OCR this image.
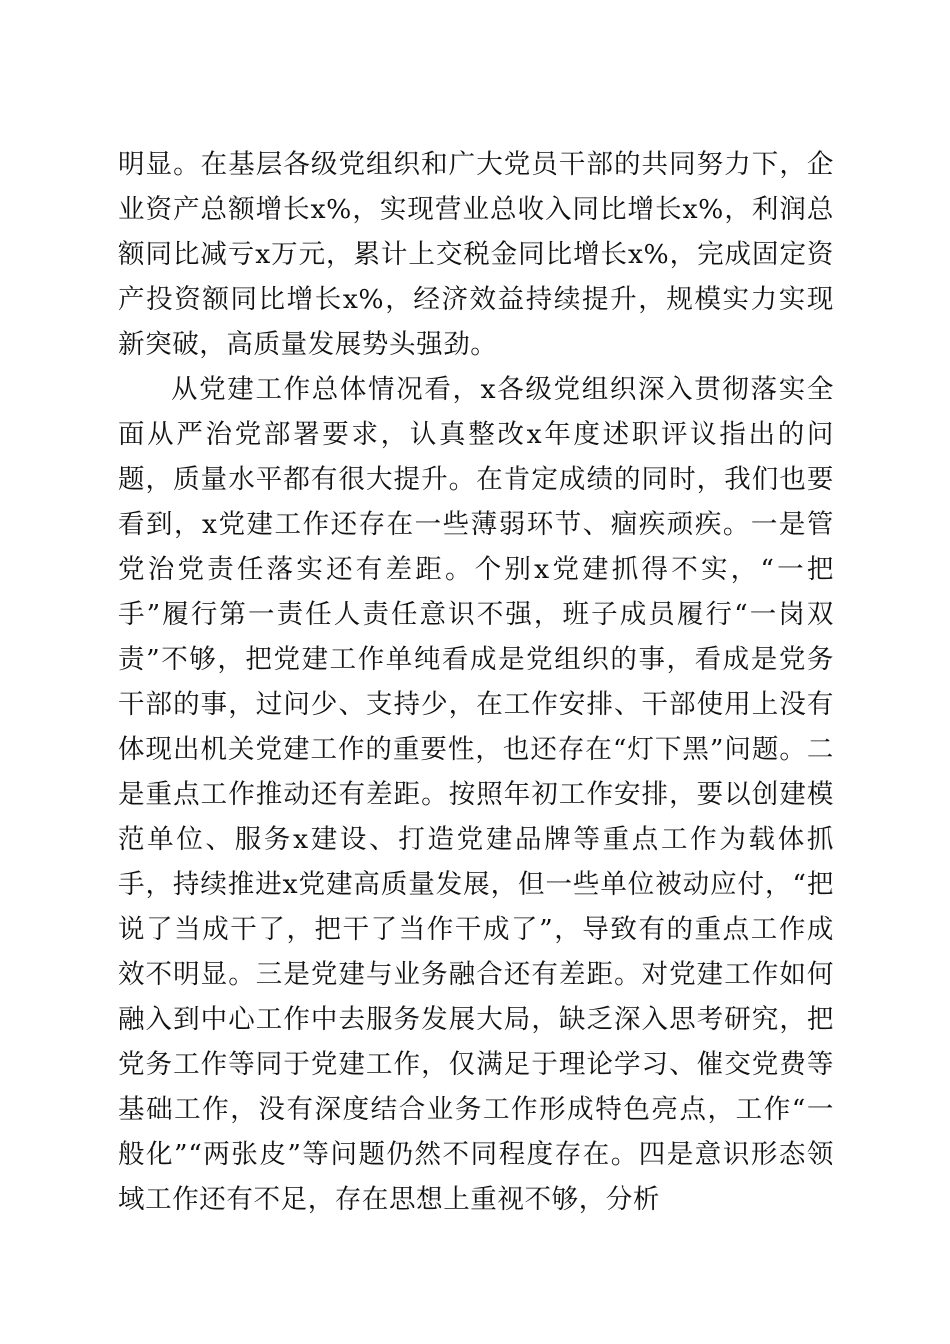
明显。在基层各级党组织和广大党员干部的共同努力下，企业资产总额增长x%，实现营业总收入同比增长x%，利润总额同比减亏x万元，累计上交税金同比增长x%，完成固定资产投资额同比增长x%，经济效益持续提升，规模实力实现新突破，高质量发展势头强劲。

从党建工作总体情况看，x各级党组织深入贯彻落实全面从严治党部署要求，认真整改x年度述职评议指出的问题，质量水平都有很大提升。在肯定成绩的同时，我们也要看到，x党建工作还存在一些薄弱环节、痼疾顽疾。一是管党治党责任落实还有差距。个别x党建抓得不实，“一把手”履行第一责任人责任意识不强，班子成员履行“一岗双责”不够，把党建工作单纯看成是党组织的事，看成是党务干部的事，过问少、支持少，在工作安排、干部使用上没有体现出机关党建工作的重要性，也还存在“灯下黑”问题。二是重点工作推动还有差距。按照年初工作安排，要以创建模范单位、服务x建设、打造党建品牌等重点工作为载体抓手，持续推进x党建高质量发展，但一些单位被动应付，“把说了当成干了，把干了当作干成了”，导致有的重点工作成效不明显。三是党建与业务融合还有差距。对党建工作如何融入到中心工作中去服务发展大局，缺乏深入思考研究，把党务工作等同于党建工作，仅满足于理论学习、催交党费等基础工作，没有深度结合业务工作形成特色亮点，工作“一般化”“两张皮”等问题仍然不同程度存在。四是意识形态领域工作还有不足，存在思想上重视不够，分析
